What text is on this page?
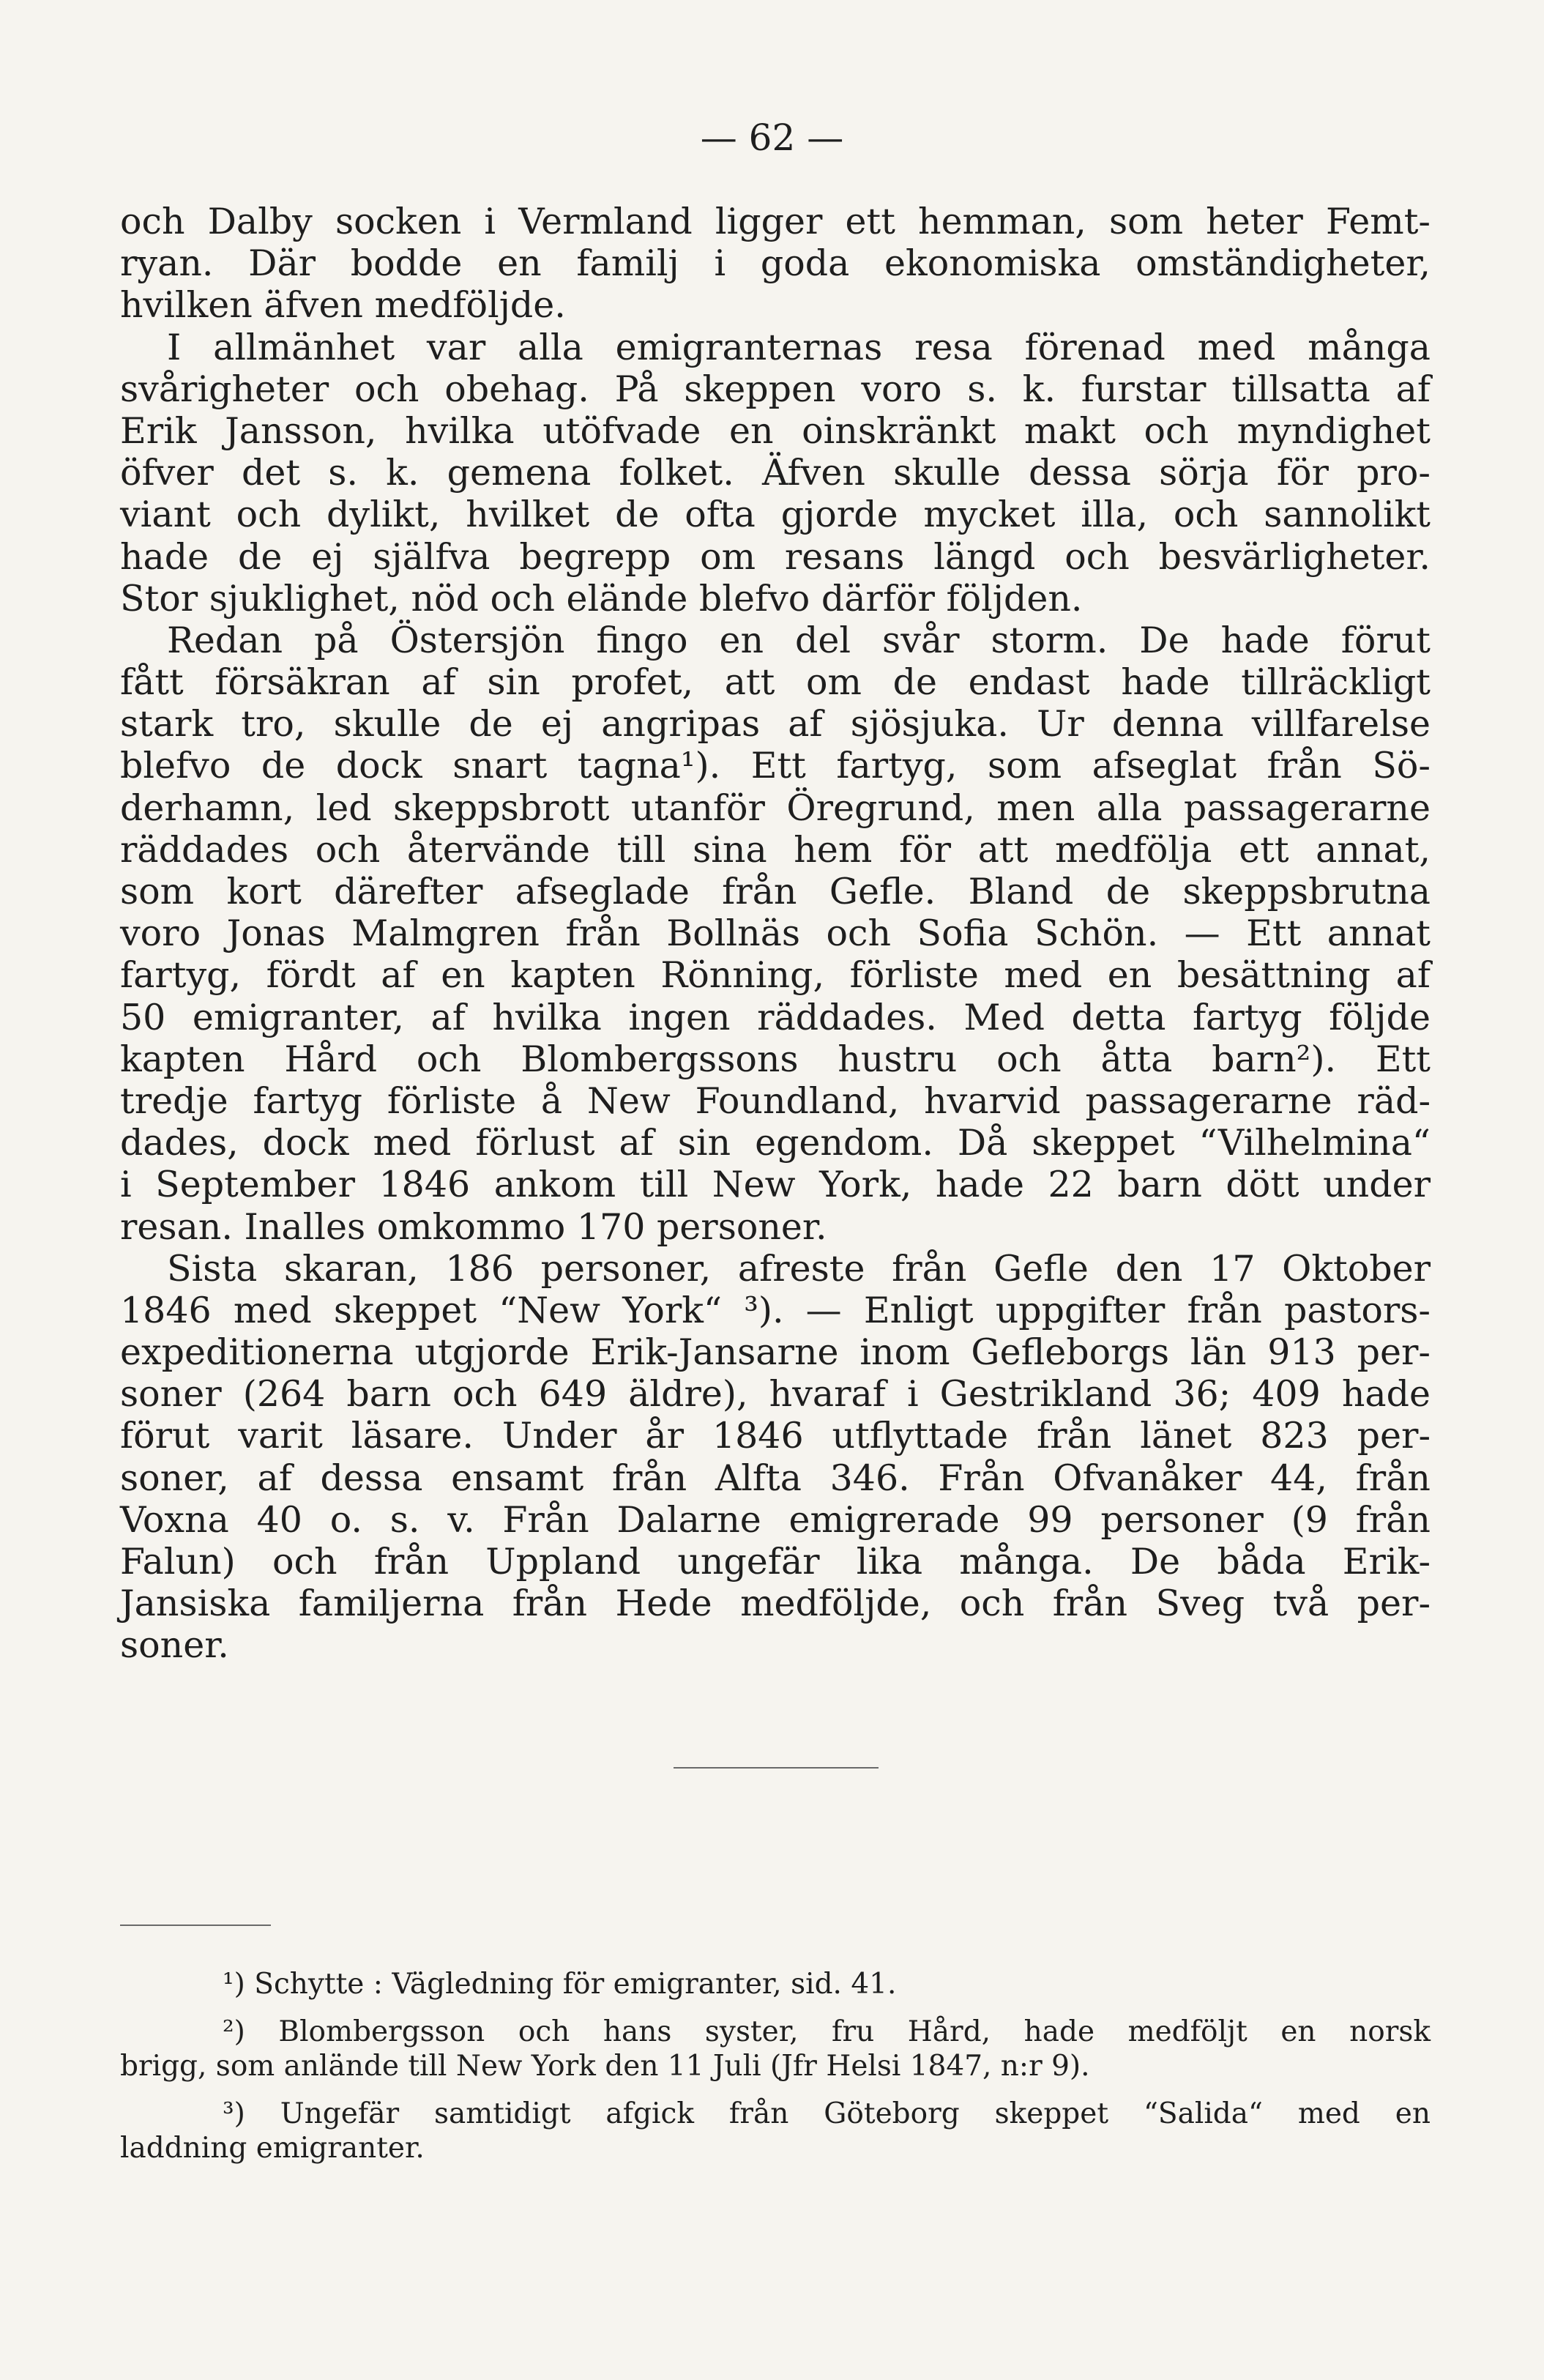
— 62 —
och Dalby socken i Vermland ligger ett hemman, som heter Femt-
ryan. Där bodde en familj i goda ekonomiska omständigheter,
hvilken äfven medföljde.
I allmänhet var alla emigranternas resa förenad med många
svårigheter och obehag. På skeppen voro s. k. furstar tillsatta af
Erik Jansson, hvilka utöfvade en oinskränkt makt och myndighet
öfver det s. k. gemena folket. Äfven skulle dessa sörja för pro-
viant och dylikt, hvilket de ofta gjorde mycket illa, och sannolikt
hade de ej själfva begrepp om resans längd och besvärligheter.
Stor sjuklighet, nöd och elände blefvo därför följden.
Redan på Östersjön fingo en del svår storm. De hade förut
fått försäkran af sin profet, att om de endast hade tillräckligt
stark tro, skulle de ej angripas af sjösjuka. Ur denna villfarelse
blefvo de dock snart tagna¹). Ett fartyg, som afseglat från Sö-
derhamn, led skeppsbrott utanför Öregrund, men alla passagerarne
räddades och återvände till sina hem för att medfölja ett annat,
som kort därefter afseglade från Gefle. Bland de skeppsbrutna
voro Jonas Malmgren från Bollnäs och Sofia Schön. — Ett annat
fartyg, fördt af en kapten Rönning, förliste med en besättning af
50 emigranter, af hvilka ingen räddades. Med detta fartyg följde
kapten Hård och Blombergssons hustru och åtta barn²). Ett
tredje fartyg förliste å New Foundland, hvarvid passagerarne räd-
dades, dock med förlust af sin egendom. Då skeppet “Vilhelmina“
i September 1846 ankom till New York, hade 22 barn dött under
resan. Inalles omkommo 170 personer.
Sista skaran, 186 personer, afreste från Gefle den 17 Oktober
1846 med skeppet “New York“ ³). — Enligt uppgifter från pastors-
expeditionerna utgjorde Erik-Jansarne inom Gefleborgs län 913 per-
soner (264 barn och 649 äldre), hvaraf i Gestrikland 36; 409 hade
förut varit läsare. Under år 1846 utflyttade från länet 823 per-
soner, af dessa ensamt från Alfta 346. Från Ofvanåker 44, från
Voxna 40 o. s. v. Från Dalarne emigrerade 99 personer (9 från
Falun) och från Uppland ungefär lika många. De båda Erik-
Jansiska familjerna från Hede medföljde, och från Sveg två per-
soner.
¹) Schytte : Vägledning för emigranter, sid. 41.
²) Blombergsson och hans syster, fru Hård, hade medföljt en norsk
brigg, som anlände till New York den 11 Juli (Jfr Helsi 1847, n:r 9).
³) Ungefär samtidigt afgick från Göteborg skeppet “Salida“ med en
laddning emigranter.
